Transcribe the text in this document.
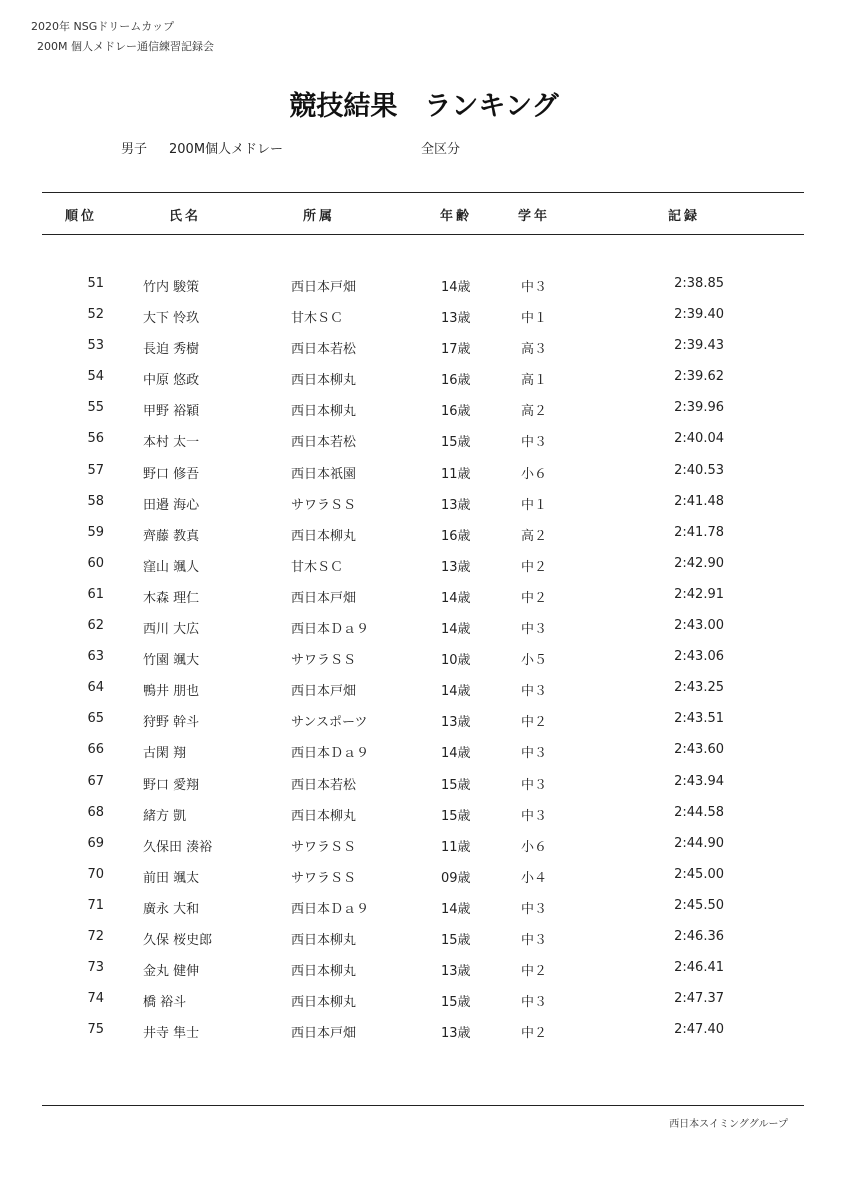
2020年 NSGドリームカップ
200M 個人メドレー通信練習記録会
競技結果　ランキング
男子 200M個人メドレー	全区分
順位	氏名	所属	年齢	学年	記録
51	竹内 駿策	西日本戸畑	14歳	中３	2:38.85
52	大下 怜玖	甘木ＳＣ	13歳	中１	2:39.40
53	長迫 秀樹	西日本若松	17歳	高３	2:39.43
54	中原 悠政	西日本柳丸	16歳	高１	2:39.62
55	甲野 裕穎	西日本柳丸	16歳	高２	2:39.96
56	本村 太一	西日本若松	15歳	中３	2:40.04
57	野口 修吾	西日本祇園	11歳	小６	2:40.53
58	田邉 海心	サワラＳＳ	13歳	中１	2:41.48
59	齊藤 教真	西日本柳丸	16歳	高２	2:41.78
60	窪山 颯人	甘木ＳＣ	13歳	中２	2:42.90
61	木森 理仁	西日本戸畑	14歳	中２	2:42.91
62	西川 大広	西日本Ｄａ９	14歳	中３	2:43.00
63	竹園 颯大	サワラＳＳ	10歳	小５	2:43.06
64	鴨井 朋也	西日本戸畑	14歳	中３	2:43.25
65	狩野 幹斗	サンスポーツ	13歳	中２	2:43.51
66	古閑 翔	西日本Ｄａ９	14歳	中３	2:43.60
67	野口 愛翔	西日本若松	15歳	中３	2:43.94
68	緒方 凱	西日本柳丸	15歳	中３	2:44.58
69	久保田 湊裕	サワラＳＳ	11歳	小６	2:44.90
70	前田 颯太	サワラＳＳ	09歳	小４	2:45.00
71	廣永 大和	西日本Ｄａ９	14歳	中３	2:45.50
72	久保 桜史郎	西日本柳丸	15歳	中３	2:46.36
73	金丸 健伸	西日本柳丸	13歳	中２	2:46.41
74	橋 裕斗	西日本柳丸	15歳	中３	2:47.37
75	井寺 隼士	西日本戸畑	13歳	中２	2:47.40
西日本スイミンググループ
